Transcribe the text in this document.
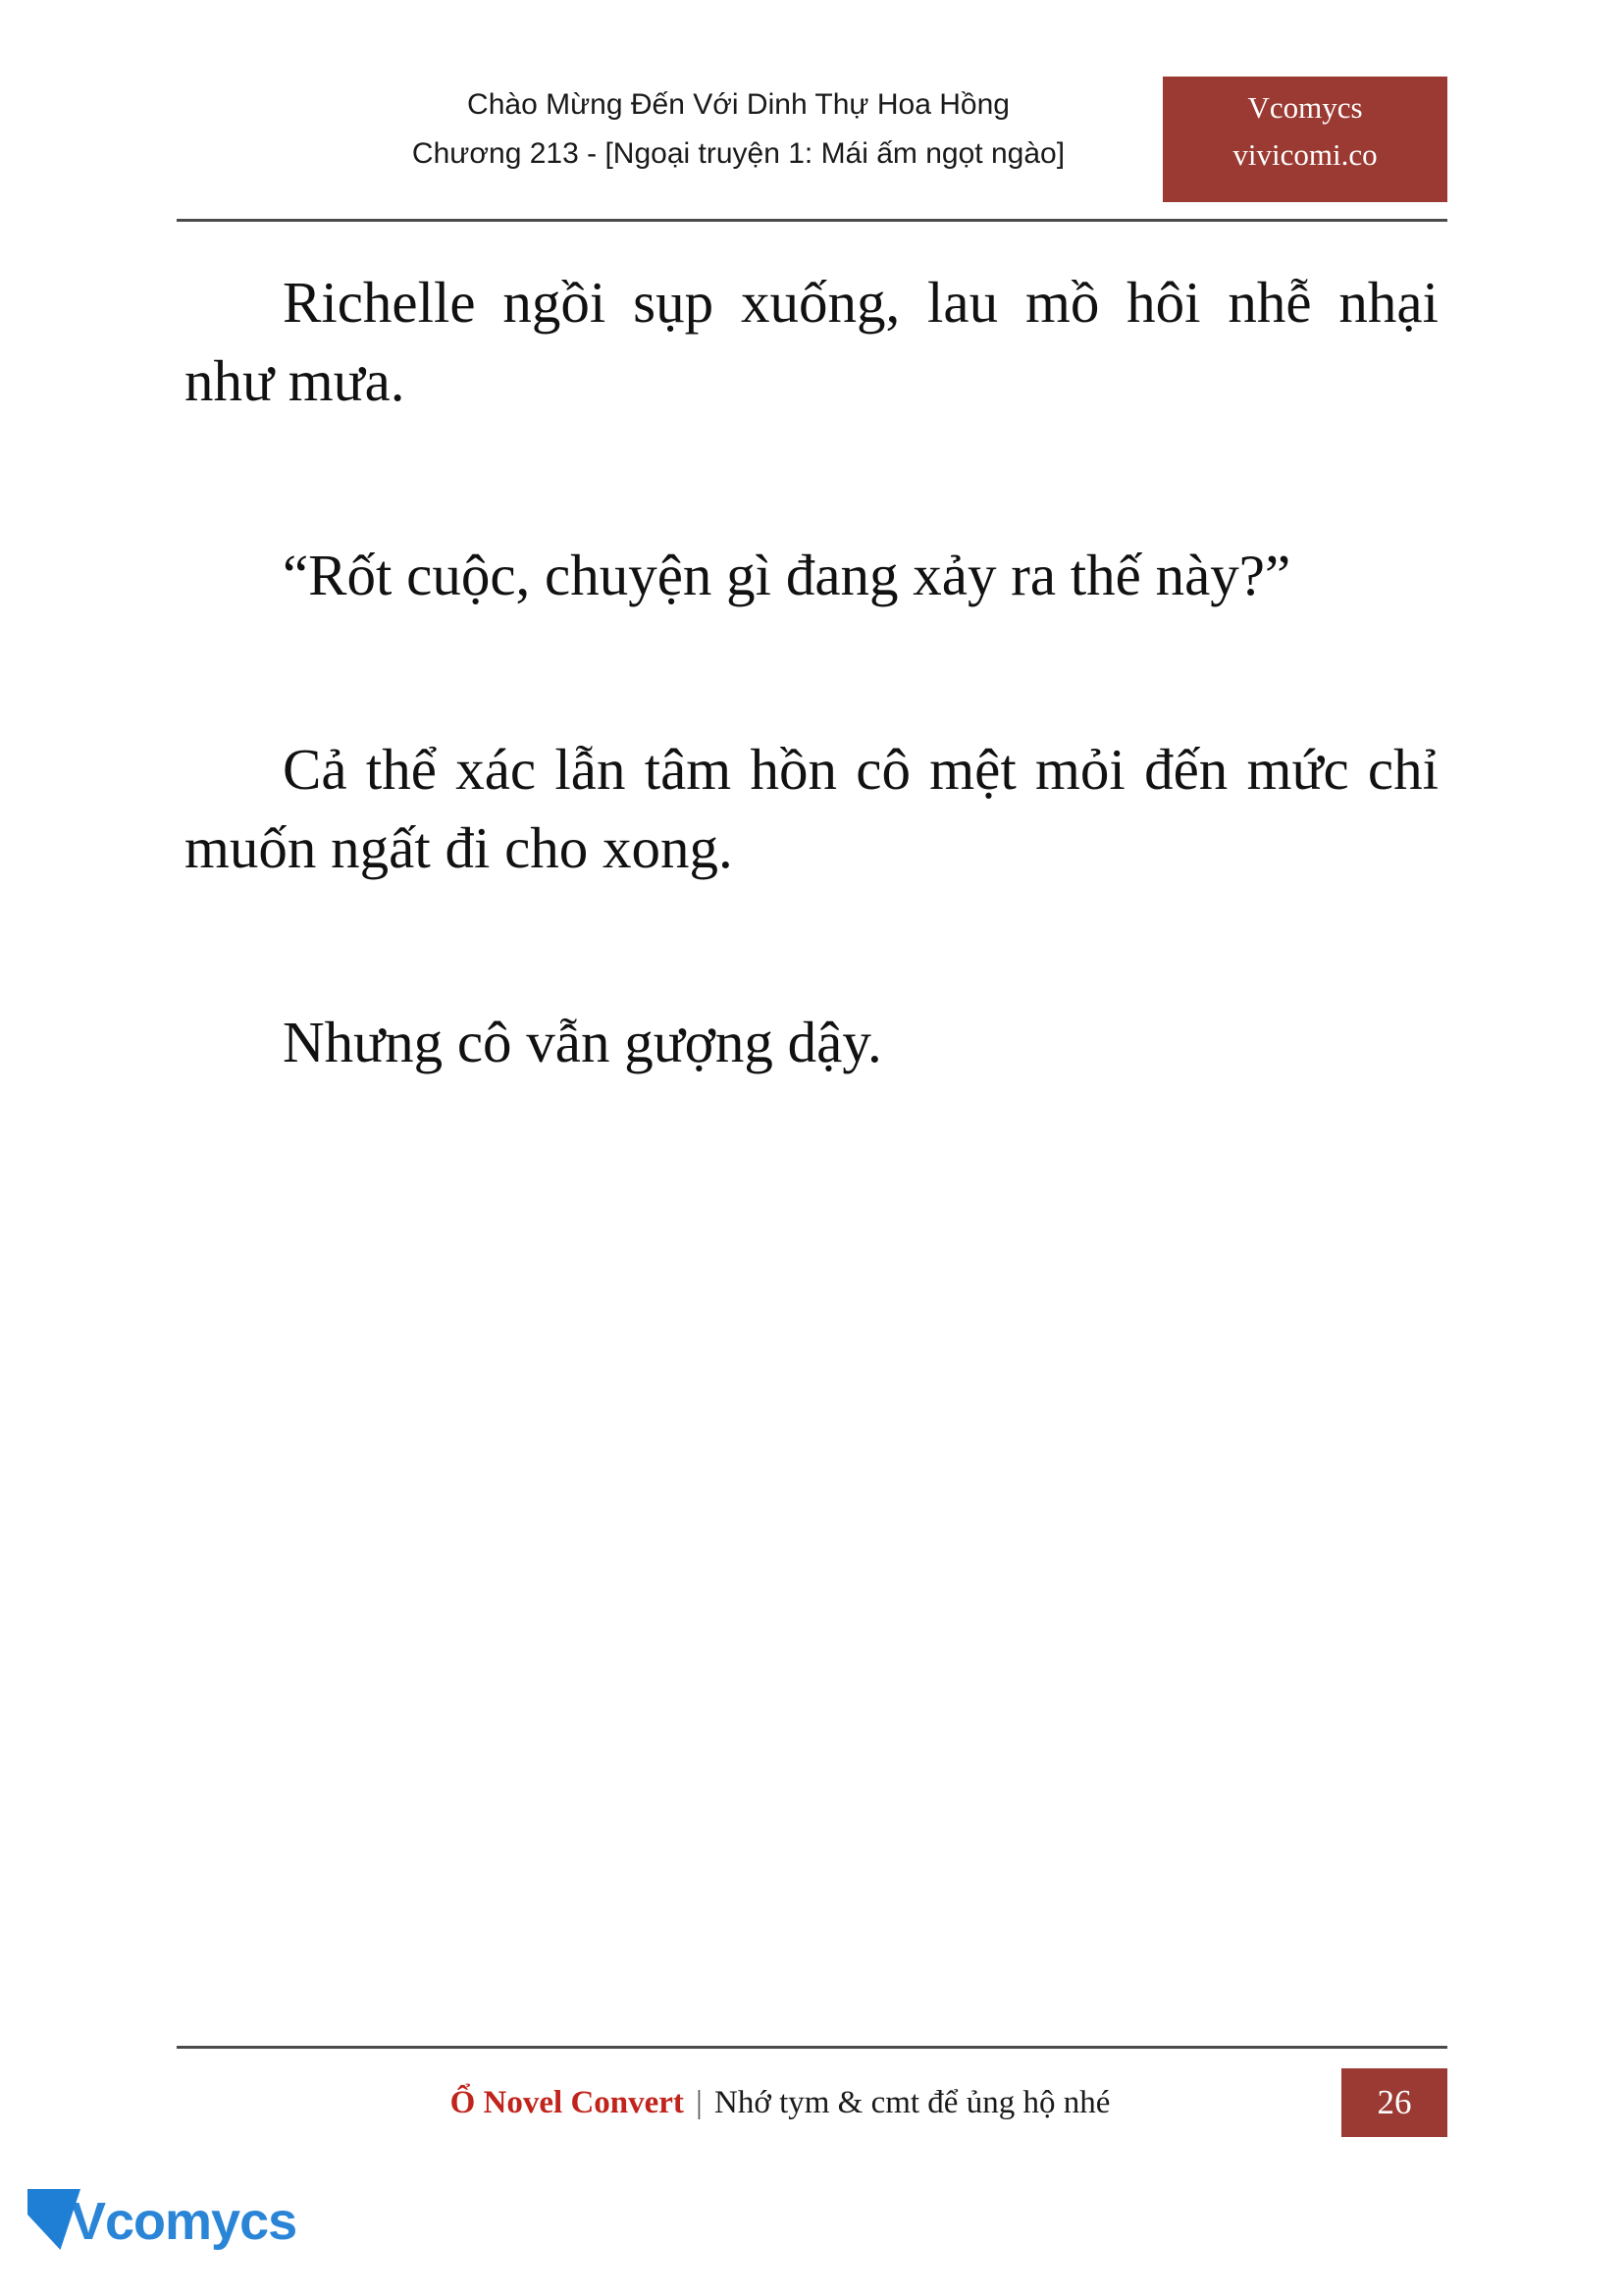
Chào Mừng Đến Với Dinh Thự Hoa Hồng
Chương 213 - [Ngoại truyện 1: Mái ấm ngọt ngào]
Vcomycs
vivicomi.co

Richelle ngồi sụp xuống, lau mồ hôi nhễ nhại như mưa.

“Rốt cuộc, chuyện gì đang xảy ra thế này?”

Cả thể xác lẫn tâm hồn cô mệt mỏi đến mức chỉ muốn ngất đi cho xong.

Nhưng cô vẫn gượng dậy.

Ổ Novel Convert | Nhớ tym & cmt để ủng hộ nhé	26
Vcomycs
